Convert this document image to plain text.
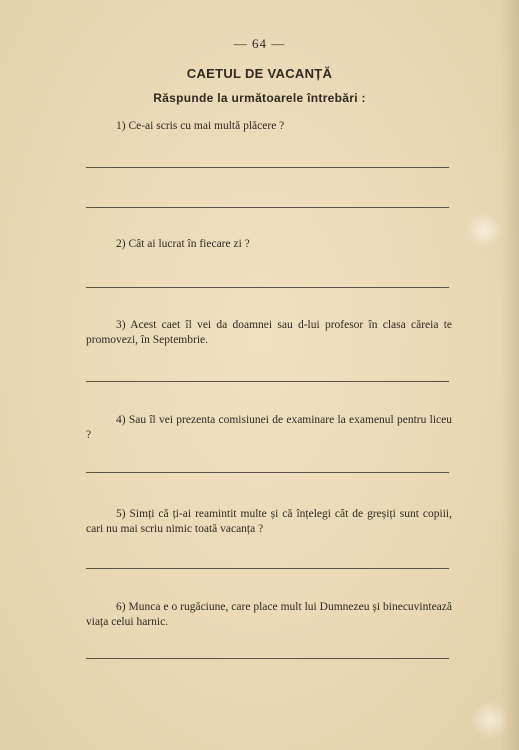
— 64 —
CAETUL DE VACANȚĂ
Răspunde la următoarele întrebări :
1) Ce-ai scris cu mai multă plăcere ?
2) Cât ai lucrat în fiecare zi ?
3) Acest caet îl vei da doamnei sau d-lui profesor în clasa căreia te promovezi, în Septembrie.
4) Sau îl vei prezenta comisiunei de examinare la examenul pentru liceu ?
5) Simți că ți-ai reamintit multe și că înțelegi cât de greșiți sunt copiii, cari nu mai scriu nimic toată vacanța ?
6) Munca e o rugăciune, care place mult lui Dumnezeu și binecuvintează viața celui harnic.
